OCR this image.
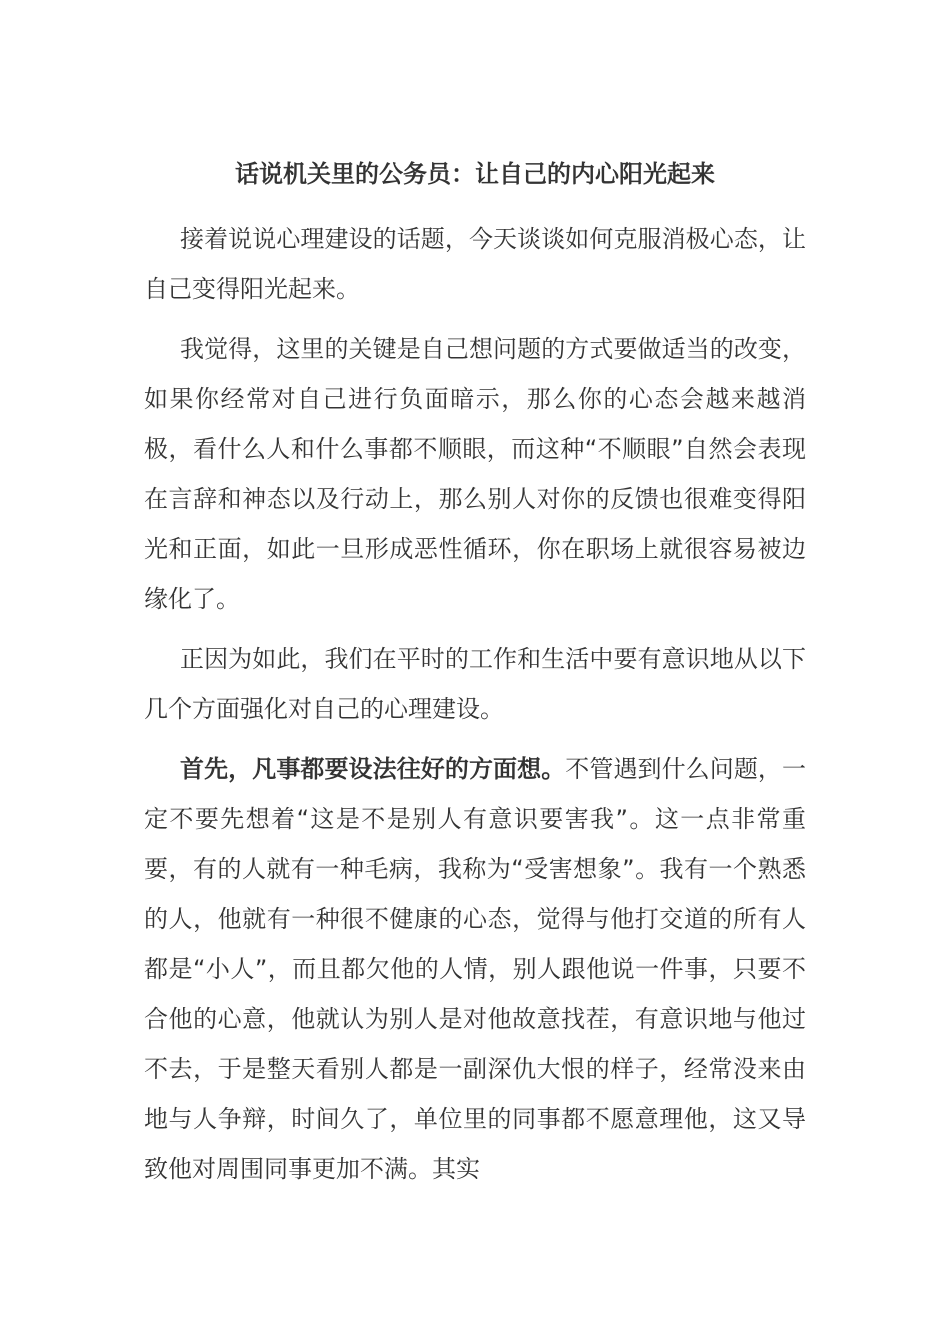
话说机关里的公务员：让自己的内心阳光起来

接着说说心理建设的话题，今天谈谈如何克服消极心态，让自己变得阳光起来。

我觉得，这里的关键是自己想问题的方式要做适当的改变，如果你经常对自己进行负面暗示，那么你的心态会越来越消极，看什么人和什么事都不顺眼，而这种“不顺眼”自然会表现在言辞和神态以及行动上，那么别人对你的反馈也很难变得阳光和正面，如此一旦形成恶性循环，你在职场上就很容易被边缘化了。

正因为如此，我们在平时的工作和生活中要有意识地从以下几个方面强化对自己的心理建设。

首先，凡事都要设法往好的方面想。不管遇到什么问题，一定不要先想着“这是不是别人有意识要害我”。这一点非常重要，有的人就有一种毛病，我称为“受害想象”。我有一个熟悉的人，他就有一种很不健康的心态，觉得与他打交道的所有人都是“小人”，而且都欠他的人情，别人跟他说一件事，只要不合他的心意，他就认为别人是对他故意找茬，有意识地与他过不去，于是整天看别人都是一副深仇大恨的样子，经常没来由地与人争辩，时间久了，单位里的同事都不愿意理他，这又导致他对周围同事更加不满。其实
